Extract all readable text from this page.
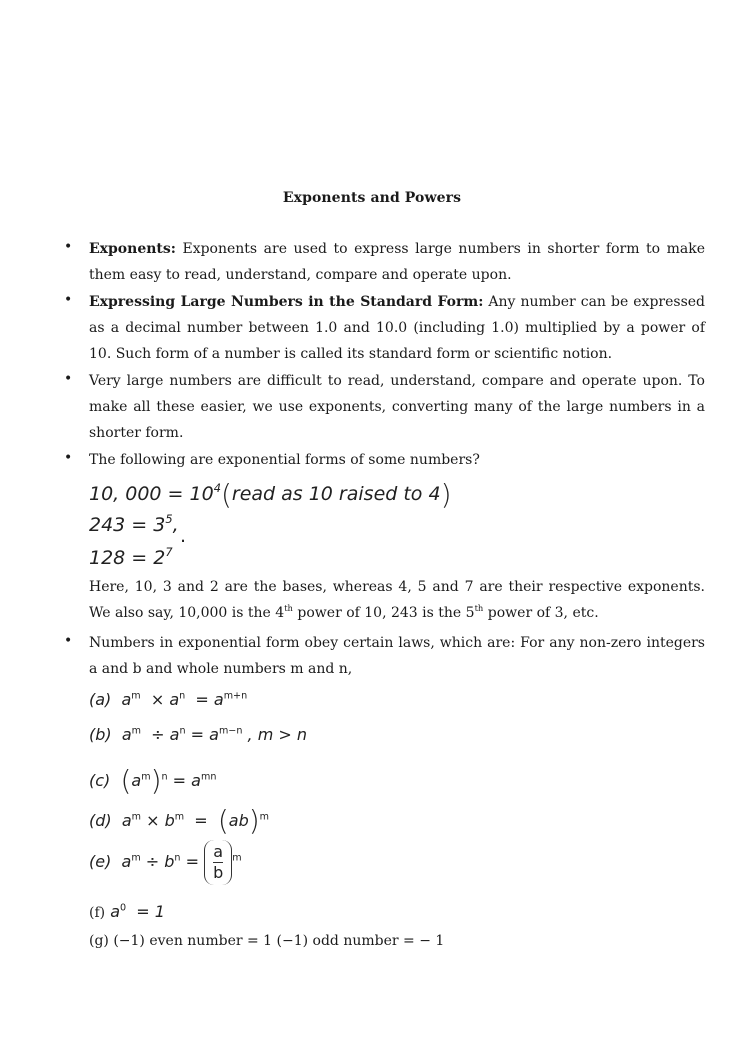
Exponents and Powers
• Exponents: Exponents are used to express large numbers in shorter form to make them easy to read, understand, compare and operate upon.
• Expressing Large Numbers in the Standard Form: Any number can be expressed as a decimal number between 1.0 and 10.0 (including 1.0) multiplied by a power of 10. Such form of a number is called its standard form or scientific notion.
• Very large numbers are difficult to read, understand, compare and operate upon. To make all these easier, we use exponents, converting many of the large numbers in a shorter form.
• The following are exponential forms of some numbers?
10, $000 = 10^4(read$ as 10 raised to 4)
$243 = 3^5$,
$128 = 2^7$
.
Here, 10, 3 and 2 are the bases, whereas 4, 5 and 7 are their respective exponents. We also say, 10,000 is the 4th power of 10, 243 is the 5th power of 3, etc.
• Numbers in exponential form obey certain laws, which are: For any non-zero integers a and b and whole numbers m and n,
(a) $a^m \times a^n = a^{m+n}$
(b) $a^m \div a^n = a^{m-n}$ , m > n
(c) $(a^m)^n = a^{mn}$
(d) $a^m \times b^m = (ab)^m$
(e) $a^m \div b^n = \frac{a}{b} ^m$
(f) $a^0 = 1$
(g) (−1) even number = 1 (−1) odd number = − 1
